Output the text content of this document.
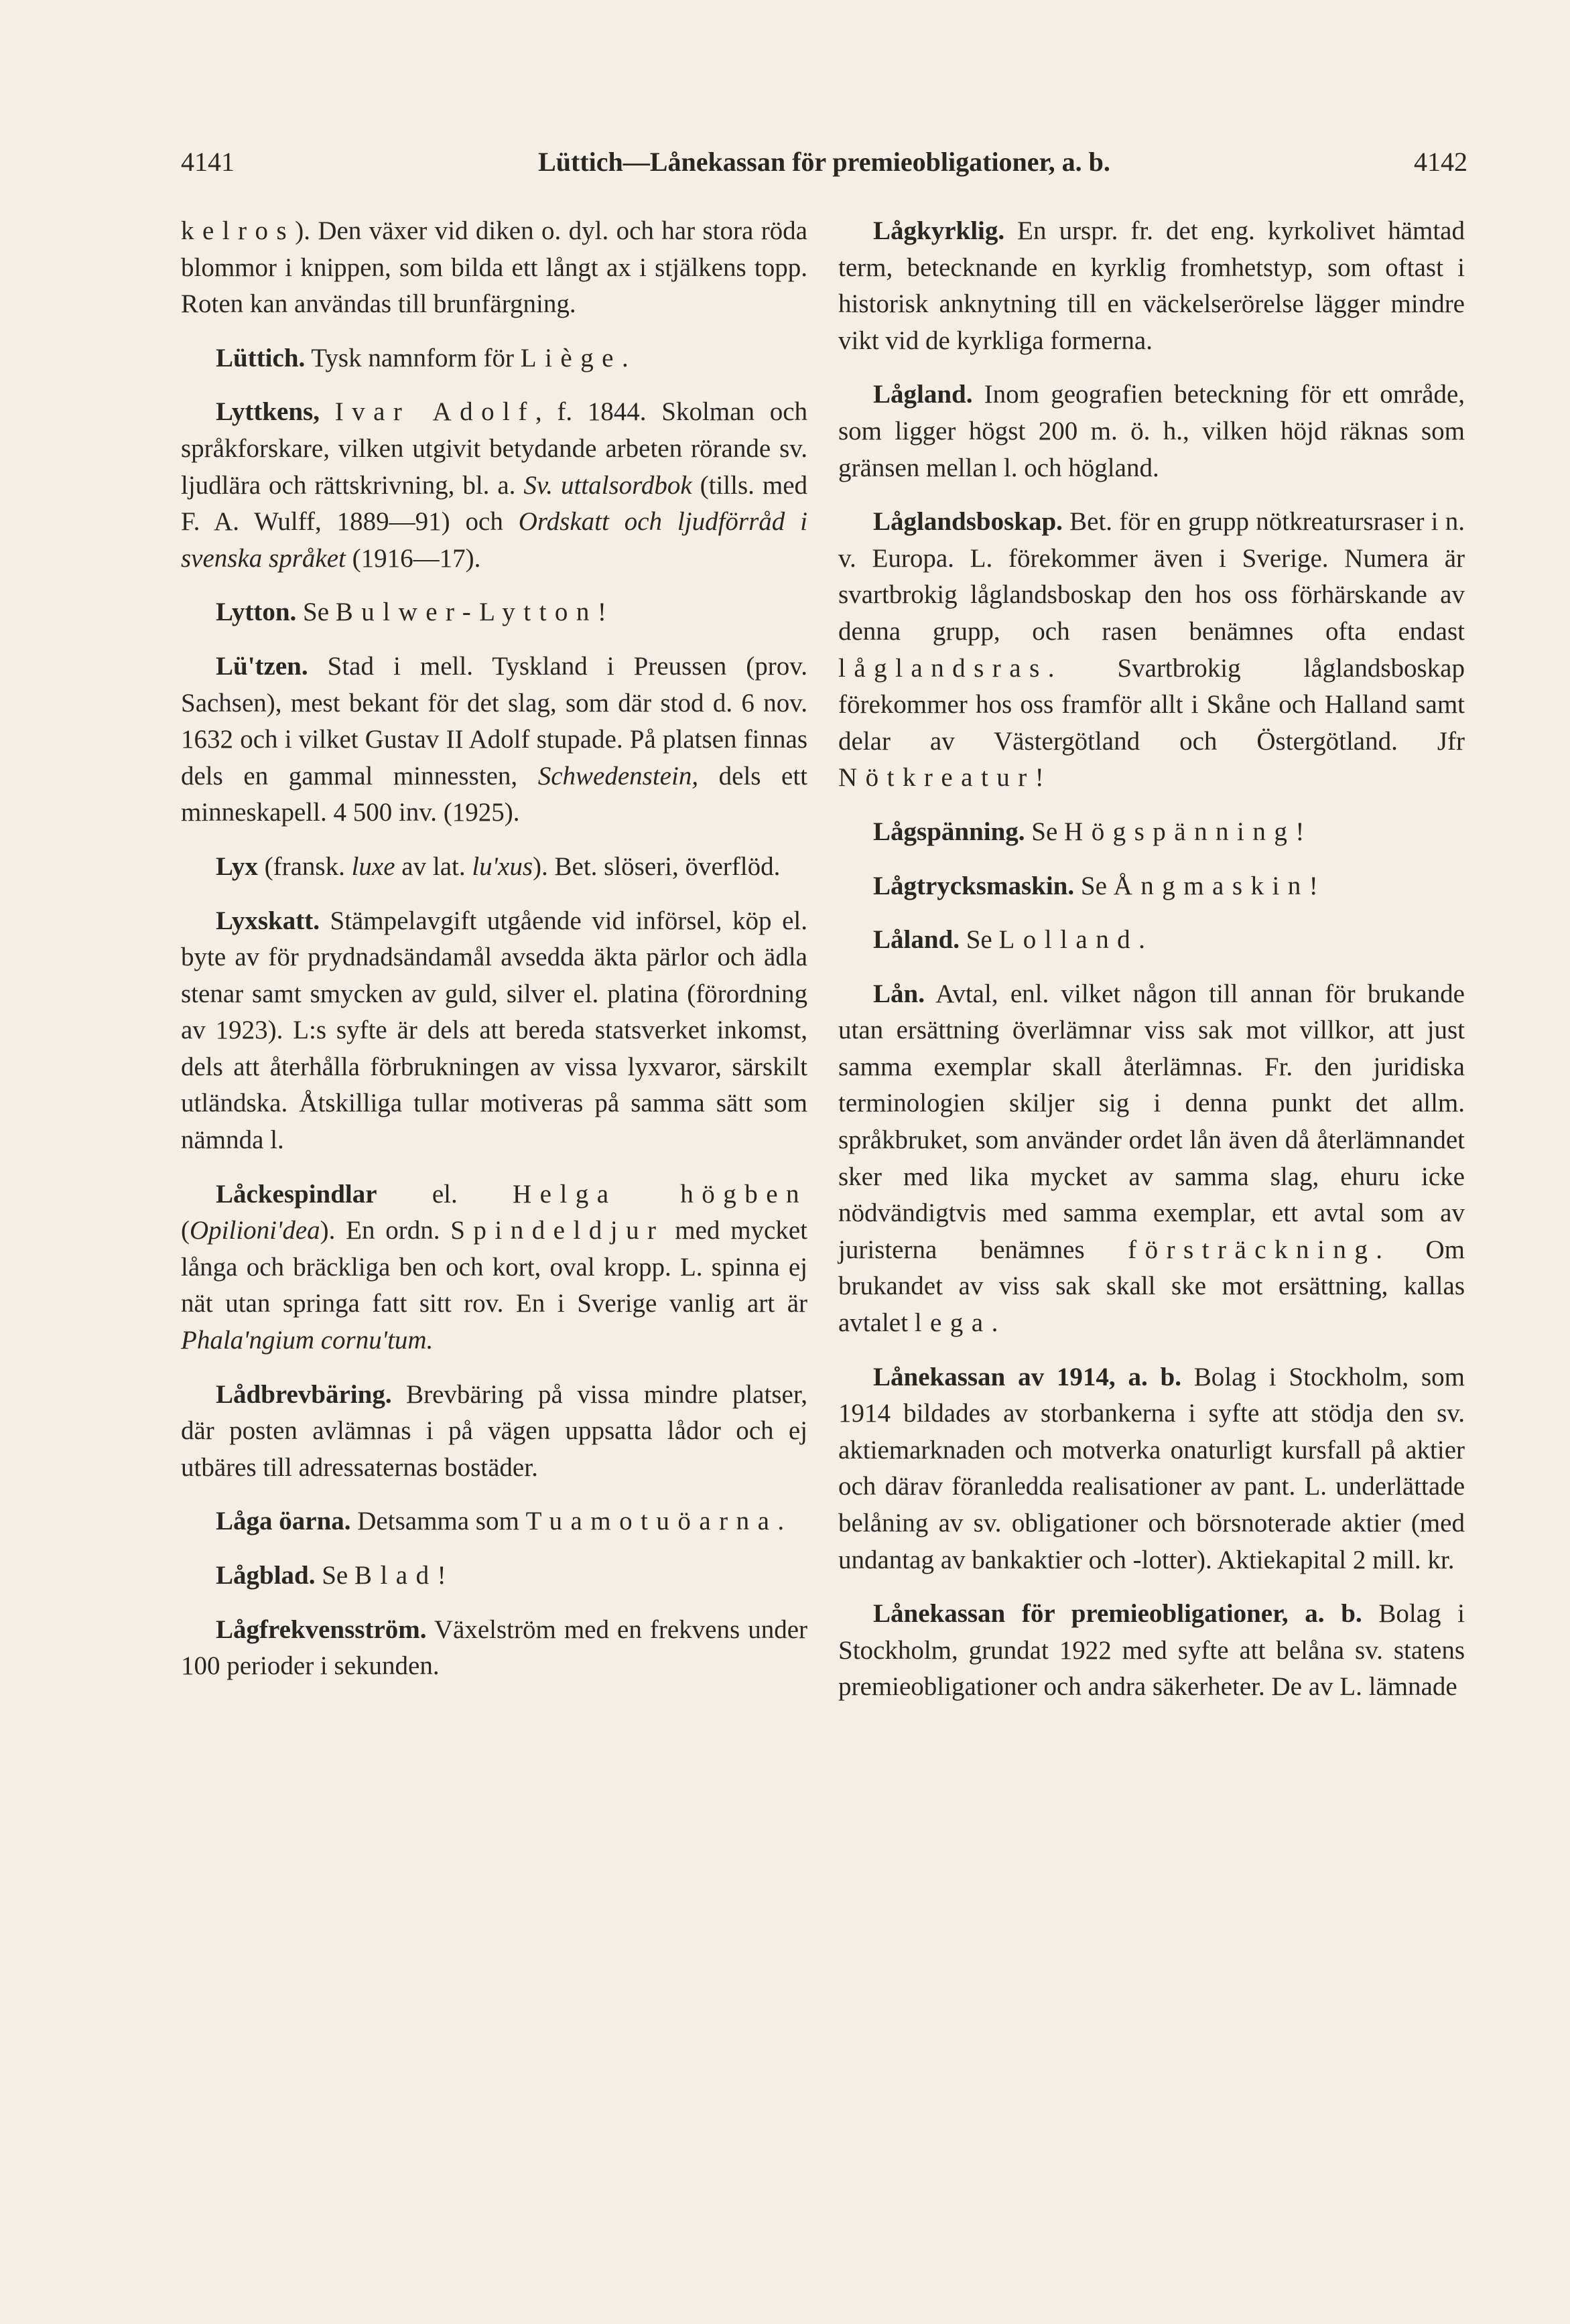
4141	Lüttich—Lånekassan för premieobligationer, a. b.	4142

kelros). Den växer vid diken o. dyl. och har stora röda blommor i knippen, som bilda ett långt ax i stjälkens topp. Roten kan användas till brunfärgning.

Lüttich. Tysk namnform för Liège.

Lyttkens, Ivar Adolf, f. 1844. Skolman och språkforskare, vilken utgivit betydande arbeten rörande sv. ljudlära och rättskrivning, bl. a. Sv. uttalsordbok (tills. med F. A. Wulff, 1889—91) och Ordskatt och ljudförråd i svenska språket (1916—17).

Lytton. Se Bulwer-Lytton!

Lü'tzen. Stad i mell. Tyskland i Preussen (prov. Sachsen), mest bekant för det slag, som där stod d. 6 nov. 1632 och i vilket Gustav II Adolf stupade. På platsen finnas dels en gammal minnessten, Schwedenstein, dels ett minneskapell. 4 500 inv. (1925).

Lyx (fransk. luxe av lat. lu'xus). Bet. slöseri, överflöd.

Lyxskatt. Stämpelavgift utgående vid införsel, köp el. byte av för prydnadsändamål avsedda äkta pärlor och ädla stenar samt smycken av guld, silver el. platina (förordning av 1923). L:s syfte är dels att bereda statsverket inkomst, dels att återhålla förbrukningen av vissa lyxvaror, särskilt utländska. Åtskilliga tullar motiveras på samma sätt som nämnda l.

Låckespindlar el. Helga högben (Opilioni'dea). En ordn. Spindeldjur med mycket långa och bräckliga ben och kort, oval kropp. L. spinna ej nät utan springa fatt sitt rov. En i Sverige vanlig art är Phala'ngium cornu'tum.

Lådbrevbäring. Brevbäring på vissa mindre platser, där posten avlämnas i på vägen uppsatta lådor och ej utbäres till adressaternas bostäder.

Låga öarna. Detsamma som Tuamotuöarna.

Lågblad. Se Blad!

Lågfrekvensström. Växelström med en frekvens under 100 perioder i sekunden.

Lågkyrklig. En urspr. fr. det eng. kyrkolivet hämtad term, betecknande en kyrklig fromhetstyp, som oftast i historisk anknytning till en väckelserörelse lägger mindre vikt vid de kyrkliga formerna.

Lågland. Inom geografien beteckning för ett område, som ligger högst 200 m. ö. h., vilken höjd räknas som gränsen mellan l. och högland.

Låglandsboskap. Bet. för en grupp nötkreatursraser i n. v. Europa. L. förekommer även i Sverige. Numera är svartbrokig låglandsboskap den hos oss förhärskande av denna grupp, och rasen benämnes ofta endast låglandsras. Svartbrokig låglandsboskap förekommer hos oss framför allt i Skåne och Halland samt delar av Västergötland och Östergötland. Jfr Nötkreatur!

Lågspänning. Se Högspänning!

Lågtrycksmaskin. Se Ångmaskin!

Låland. Se Lolland.

Lån. Avtal, enl. vilket någon till annan för brukande utan ersättning överlämnar viss sak mot villkor, att just samma exemplar skall återlämnas. Fr. den juridiska terminologien skiljer sig i denna punkt det allm. språkbruket, som använder ordet lån även då återlämnandet sker med lika mycket av samma slag, ehuru icke nödvändigtvis med samma exemplar, ett avtal som av juristerna benämnes försträckning. Om brukandet av viss sak skall ske mot ersättning, kallas avtalet lega.

Lånekassan av 1914, a. b. Bolag i Stockholm, som 1914 bildades av storbankerna i syfte att stödja den sv. aktiemarknaden och motverka onaturligt kursfall på aktier och därav föranledda realisationer av pant. L. underlättade belåning av sv. obligationer och börsnoterade aktier (med undantag av bankaktier och -lotter). Aktiekapital 2 mill. kr.

Lånekassan för premieobligationer, a. b. Bolag i Stockholm, grundat 1922 med syfte att belåna sv. statens premieobligationer och andra säkerheter. De av L. lämnade
